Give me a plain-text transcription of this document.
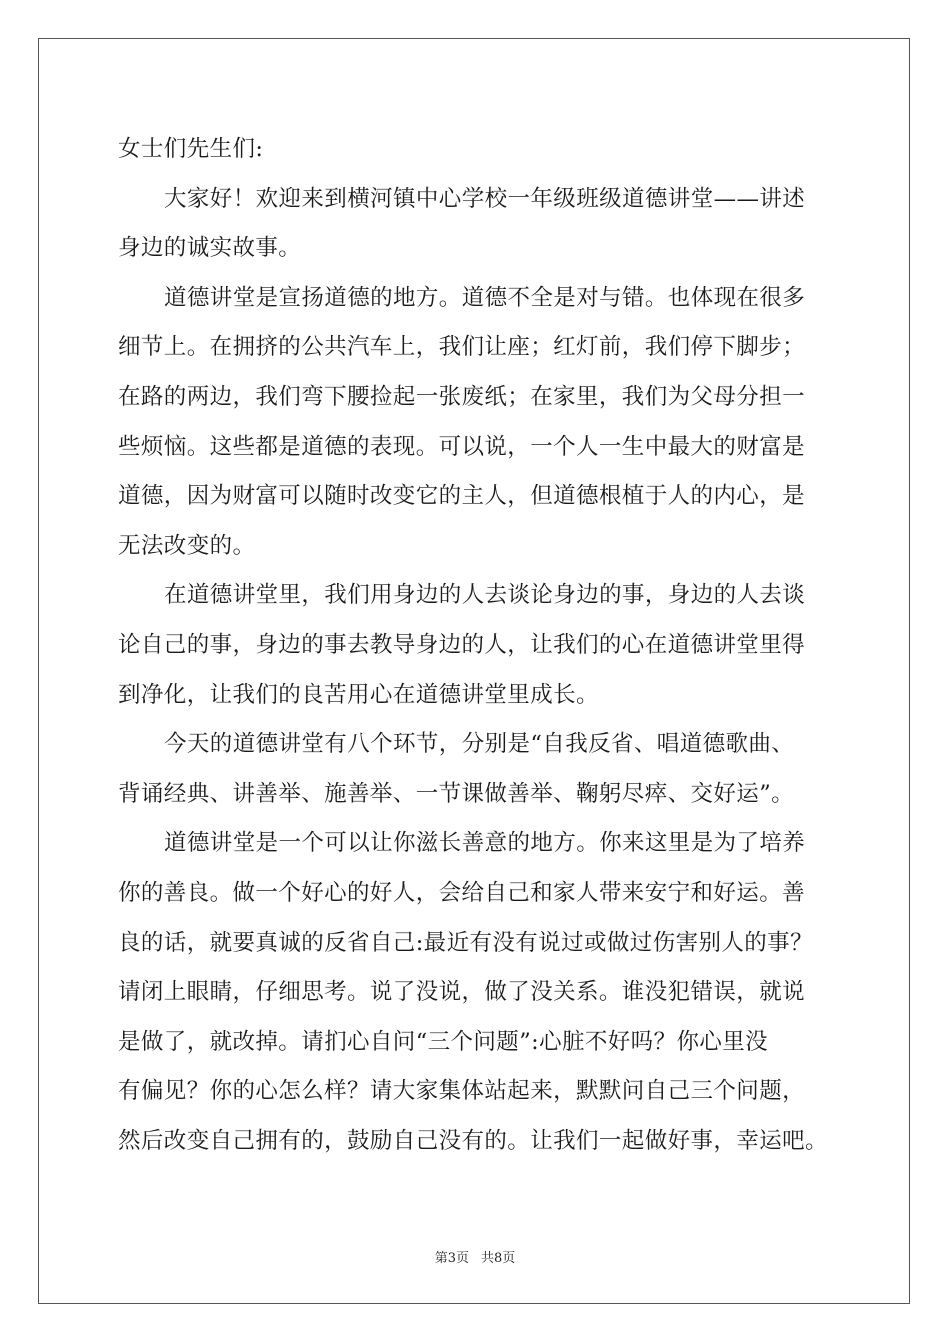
女士们先生们:
大家好！欢迎来到横河镇中心学校一年级班级道德讲堂——讲述
身边的诚实故事。
道德讲堂是宣扬道德的地方。道德不全是对与错。也体现在很多
细节上。在拥挤的公共汽车上，我们让座；红灯前，我们停下脚步；
在路的两边，我们弯下腰捡起一张废纸；在家里，我们为父母分担一
些烦恼。这些都是道德的表现。可以说，一个人一生中最大的财富是
道德，因为财富可以随时改变它的主人，但道德根植于人的内心，是
无法改变的。
在道德讲堂里，我们用身边的人去谈论身边的事，身边的人去谈
论自己的事，身边的事去教导身边的人，让我们的心在道德讲堂里得
到净化，让我们的良苦用心在道德讲堂里成长。
今天的道德讲堂有八个环节，分别是“自我反省、唱道德歌曲、
背诵经典、讲善举、施善举、一节课做善举、鞠躬尽瘁、交好运”。
道德讲堂是一个可以让你滋长善意的地方。你来这里是为了培养
你的善良。做一个好心的好人，会给自己和家人带来安宁和好运。善
良的话，就要真诚的反省自己:最近有没有说过或做过伤害别人的事？
请闭上眼睛，仔细思考。说了没说，做了没关系。谁没犯错误，就说
是做了，就改掉。请扪心自问“三个问题”:心脏不好吗？你心里没
有偏见？你的心怎么样？请大家集体站起来，默默问自己三个问题，
然后改变自己拥有的，鼓励自己没有的。让我们一起做好事，幸运吧。
第3页 共8页
